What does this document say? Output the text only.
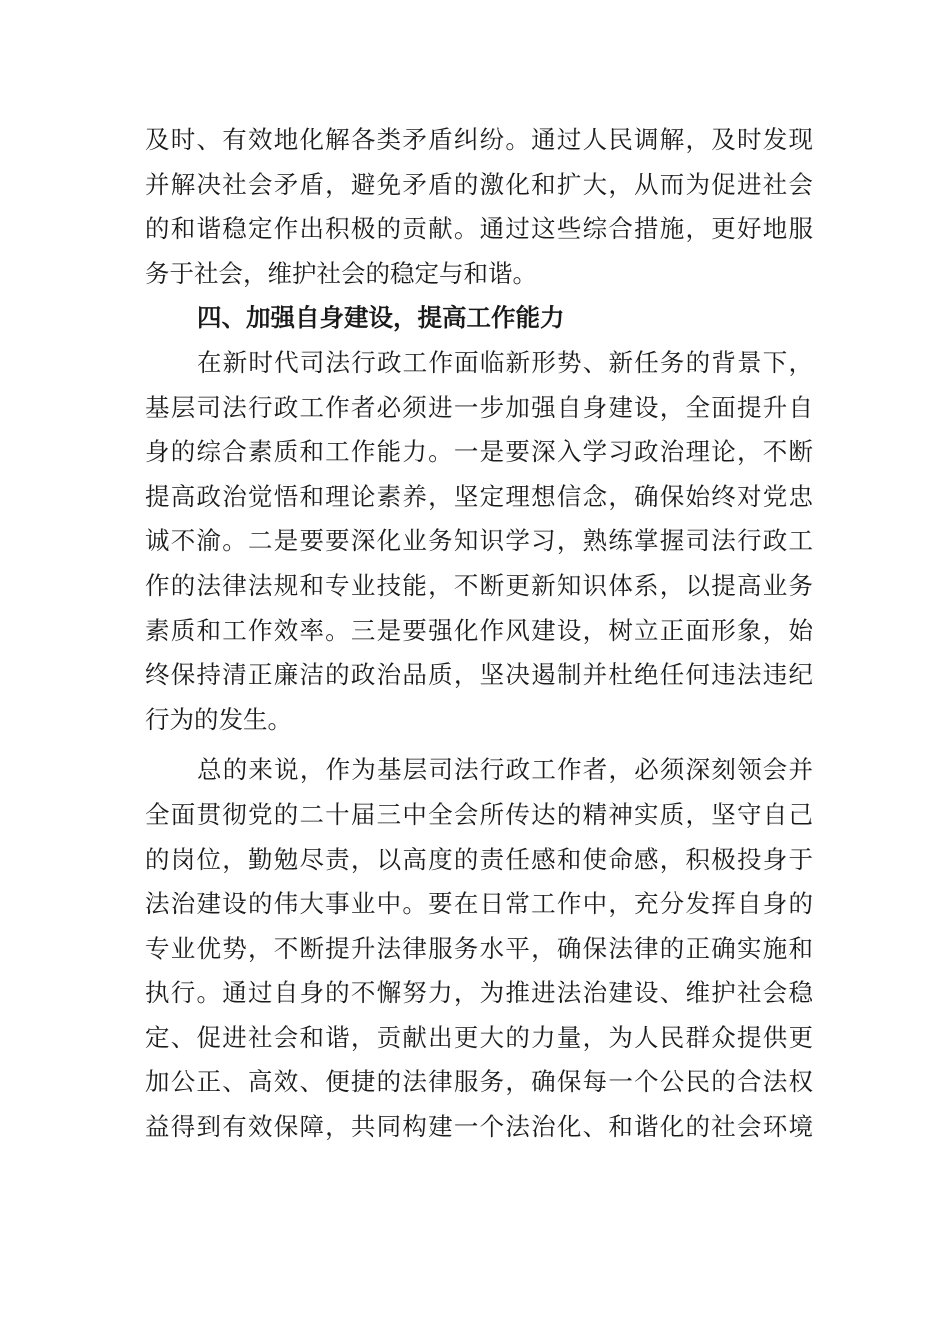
及时、有效地化解各类矛盾纠纷。通过人民调解，及时发现
并解决社会矛盾，避免矛盾的激化和扩大，从而为促进社会
的和谐稳定作出积极的贡献。通过这些综合措施，更好地服
务于社会，维护社会的稳定与和谐。
四、加强自身建设，提高工作能力
在新时代司法行政工作面临新形势、新任务的背景下，
基层司法行政工作者必须进一步加强自身建设，全面提升自
身的综合素质和工作能力。一是要深入学习政治理论，不断
提高政治觉悟和理论素养，坚定理想信念，确保始终对党忠
诚不渝。二是要要深化业务知识学习，熟练掌握司法行政工
作的法律法规和专业技能，不断更新知识体系，以提高业务
素质和工作效率。三是要强化作风建设，树立正面形象，始
终保持清正廉洁的政治品质，坚决遏制并杜绝任何违法违纪
行为的发生。
总的来说，作为基层司法行政工作者，必须深刻领会并
全面贯彻党的二十届三中全会所传达的精神实质，坚守自己
的岗位，勤勉尽责，以高度的责任感和使命感，积极投身于
法治建设的伟大事业中。要在日常工作中，充分发挥自身的
专业优势，不断提升法律服务水平，确保法律的正确实施和
执行。通过自身的不懈努力，为推进法治建设、维护社会稳
定、促进社会和谐，贡献出更大的力量，为人民群众提供更
加公正、高效、便捷的法律服务，确保每一个公民的合法权
益得到有效保障，共同构建一个法治化、和谐化的社会环境
